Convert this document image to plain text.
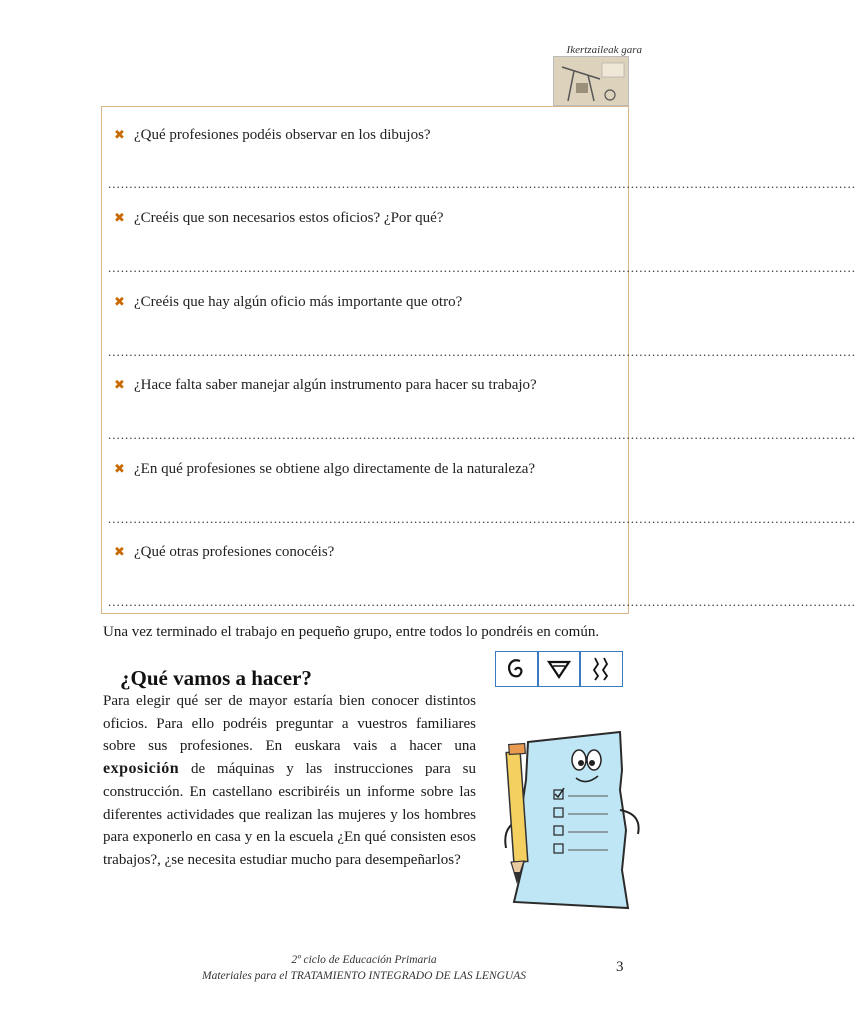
Ikertzaileak gara
✖ ¿Qué profesiones podéis observar en los dibujos?
................................................................................................................................................................................
✖ ¿Creéis que son necesarios estos oficios? ¿Por qué?
................................................................................................................................................................................
✖ ¿Creéis que hay algún oficio más importante que otro?
................................................................................................................................................................................
✖ ¿Hace falta saber manejar algún instrumento para hacer su trabajo?
................................................................................................................................................................................
✖ ¿En qué profesiones se obtiene algo directamente de la naturaleza?
................................................................................................................................................................................
✖ ¿Qué otras profesiones conocéis?
................................................................................................................................................................................
Una vez terminado el trabajo en pequeño grupo, entre todos lo pondréis en común.
¿Qué vamos a hacer?
Para elegir qué ser de mayor estaría bien conocer distintos oficios. Para ello podréis preguntar a vuestros familiares sobre sus profesiones. En euskara vais a hacer una exposición de máquinas y las instrucciones para su construcción. En castellano escribiréis un informe sobre las diferentes actividades que realizan las mujeres y los hombres para exponerlo en casa y en la escuela ¿En qué consisten esos trabajos?, ¿se necesita estudiar mucho para desempeñarlos?
2º ciclo de Educación Primaria
Materiales para el TRATAMIENTO INTEGRADO DE LAS LENGUAS
3
